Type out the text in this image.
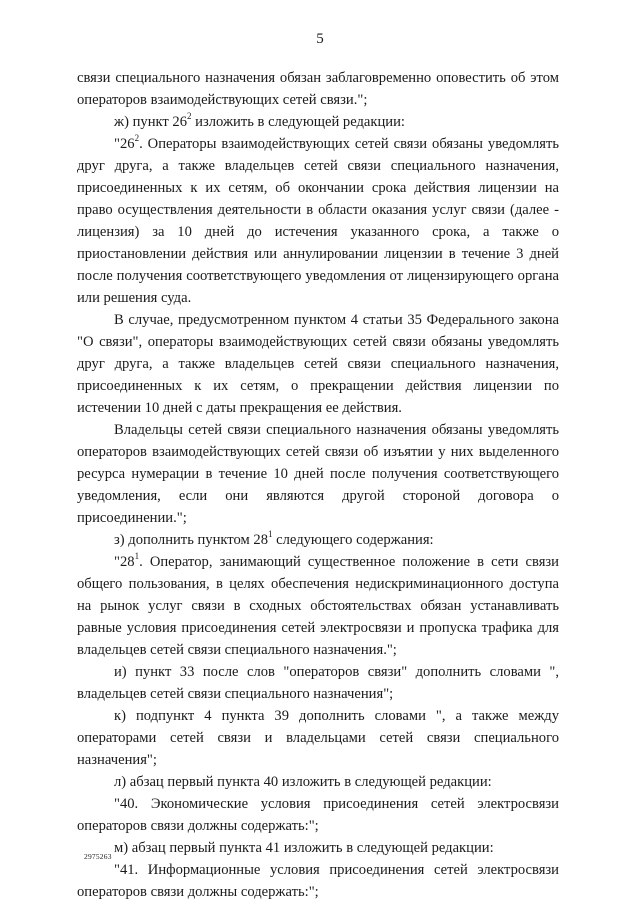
5

связи специального назначения обязан заблаговременно оповестить об этом операторов взаимодействующих сетей связи.";

ж) пункт $26^2$ изложить в следующей редакции:

"$26^2$. Операторы взаимодействующих сетей связи обязаны уведомлять друг друга, а также владельцев сетей связи специального назначения, присоединенных к их сетям, об окончании срока действия лицензии на право осуществления деятельности в области оказания услуг связи (далее - лицензия) за 10 дней до истечения указанного срока, а также о приостановлении действия или аннулировании лицензии в течение 3 дней после получения соответствующего уведомления от лицензирующего органа или решения суда.

В случае, предусмотренном пунктом 4 статьи 35 Федерального закона "О связи", операторы взаимодействующих сетей связи обязаны уведомлять друг друга, а также владельцев сетей связи специального назначения, присоединенных к их сетям, о прекращении действия лицензии по истечении 10 дней с даты прекращения ее действия.

Владельцы сетей связи специального назначения обязаны уведомлять операторов взаимодействующих сетей связи об изъятии у них выделенного ресурса нумерации в течение 10 дней после получения соответствующего уведомления, если они являются другой стороной договора о присоединении.";

з) дополнить пунктом $28^1$ следующего содержания:

"$28^1$. Оператор, занимающий существенное положение в сети связи общего пользования, в целях обеспечения недискриминационного доступа на рынок услуг связи в сходных обстоятельствах обязан устанавливать равные условия присоединения сетей электросвязи и пропуска трафика для владельцев сетей связи специального назначения.";

и) пункт 33 после слов "операторов связи" дополнить словами ", владельцев сетей связи специального назначения";

к) подпункт 4 пункта 39 дополнить словами ", а также между операторами сетей связи и владельцами сетей связи специального назначения";

л) абзац первый пункта 40 изложить в следующей редакции:

"40. Экономические условия присоединения сетей электросвязи операторов связи должны содержать:";

м) абзац первый пункта 41 изложить в следующей редакции:

"41. Информационные условия присоединения сетей электросвязи операторов связи должны содержать:";

2975263
